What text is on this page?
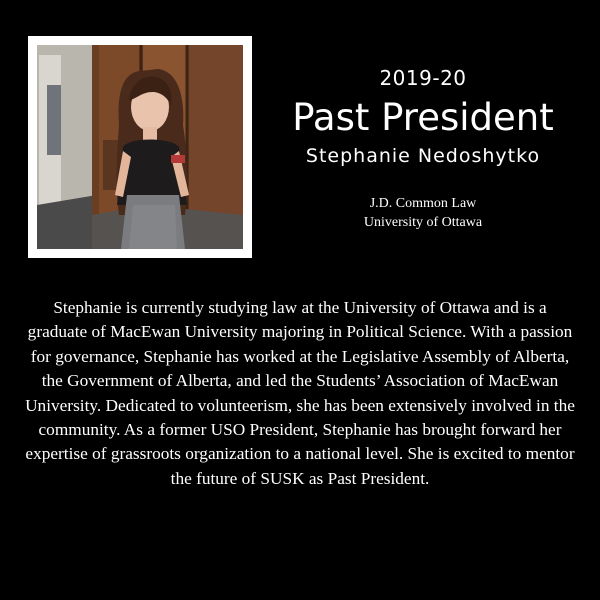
2019-20
Past President
Stephanie Nedoshytko
J.D. Common Law
University of Ottawa
Stephanie is currently studying law at the University of Ottawa and is a graduate of MacEwan University majoring in Political Science. With a passion for governance, Stephanie has worked at the Legislative Assembly of Alberta, the Government of Alberta, and led the Students’ Association of MacEwan University. Dedicated to volunteerism, she has been extensively involved in the community. As a former USO President, Stephanie has brought forward her expertise of grassroots organization to a national level. She is excited to mentor the future of SUSK as Past President.
